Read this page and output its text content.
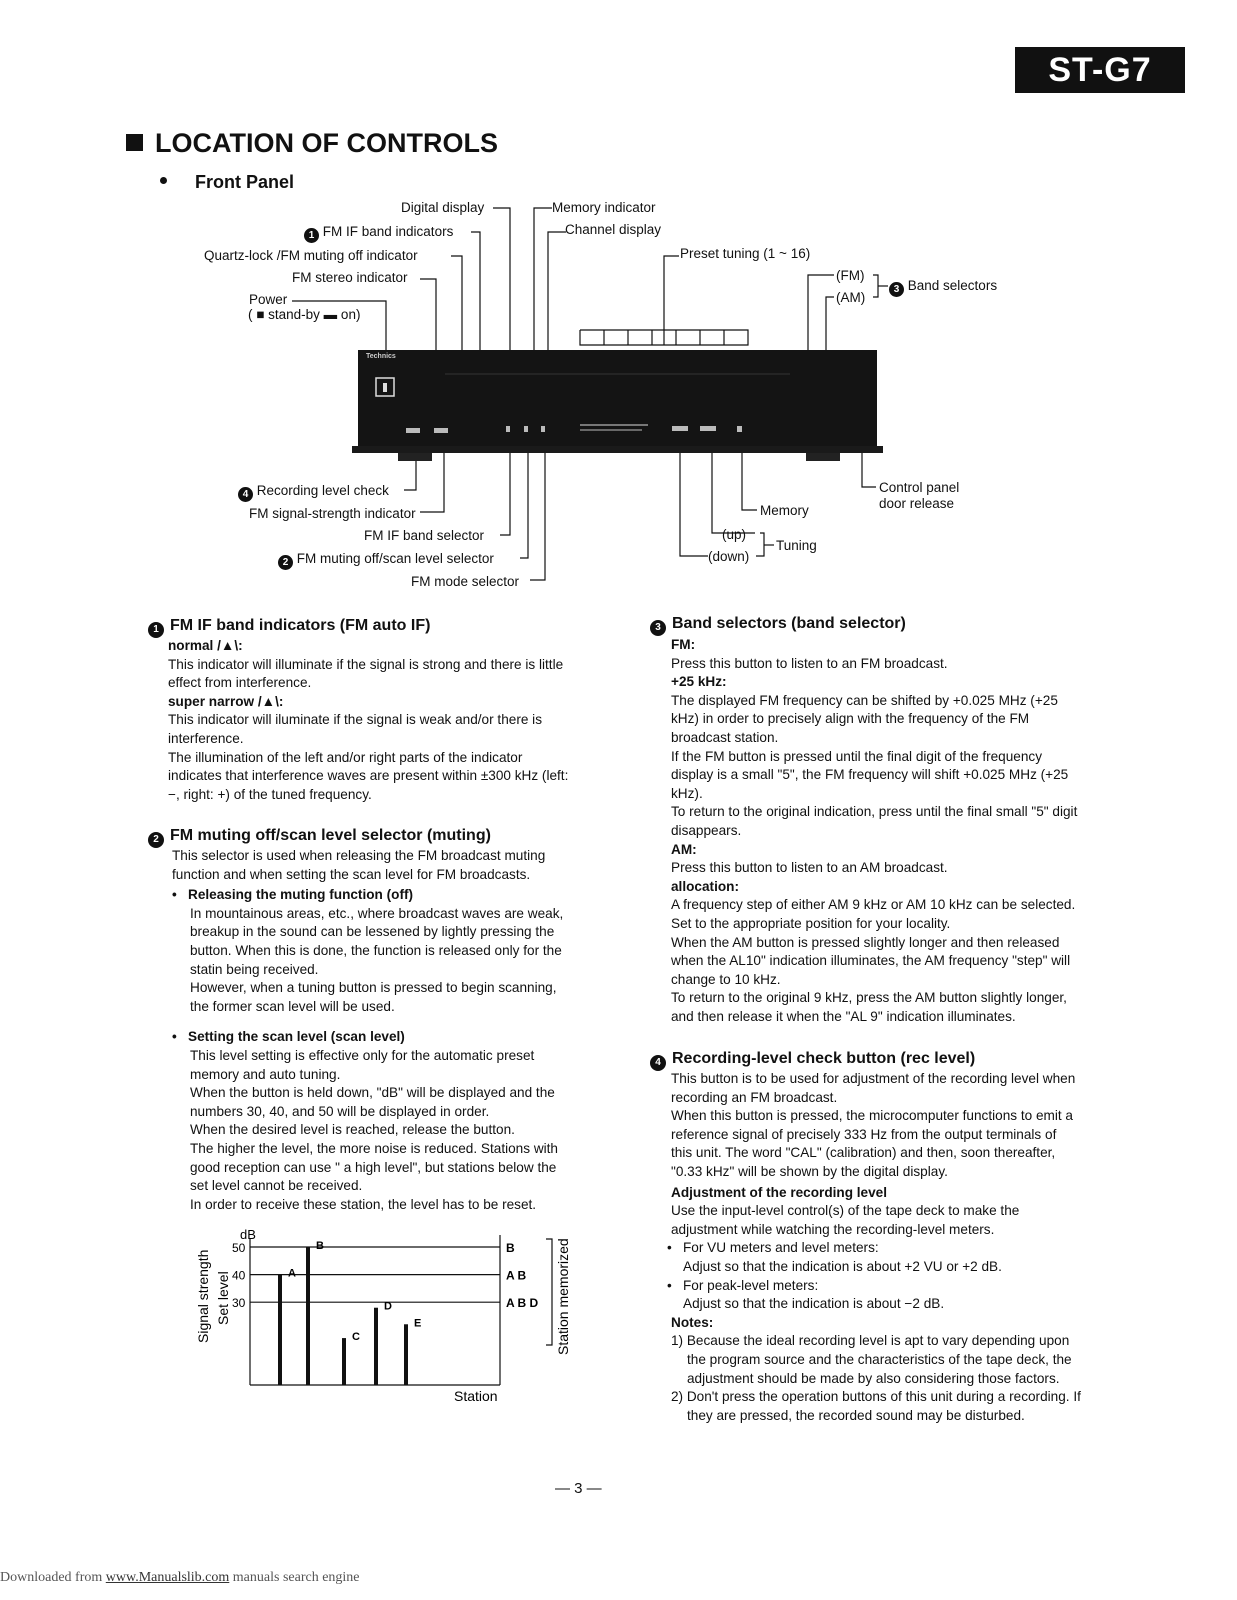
ST-G7
LOCATION OF CONTROLS
Front Panel
Technics
Digital display	Memory indicator
1 FM IF band indicators	Channel display
Quartz-lock /FM muting off indicator	Preset tuning (1 ~ 16)
FM stereo indicator	(FM)
(AM)
3 Band selectors
Power
( ■ stand-by ▬ on)
4 Recording level check
FM signal-strength indicator
FM IF band selector
2 FM muting off/scan level selector
FM mode selector
Memory
(up)
(down)
Tuning
Control panel
door release
1 FM IF band indicators (FM auto IF)

normal /▲\:

This indicator will illuminate if the signal is strong and there is little effect from interference.

super narrow /▲\:

This indicator will iluminate if the signal is weak and/or there is interference.

The illumination of the left and/or right parts of the indicator indicates that interference waves are present within ±300 kHz (left: −, right: +) of the tuned frequency.

2 FM muting off/scan level selector (muting)

This selector is used when releasing the FM broadcast muting function and when setting the scan level for FM broadcasts.

• Releasing the muting function (off)

In mountainous areas, etc., where broadcast waves are weak, breakup in the sound can be lessened by lightly pressing the button. When this is done, the function is released only for the statin being received.

However, when a tuning button is pressed to begin scanning, the former scan level will be used.

• Setting the scan level (scan level)

This level setting is effective only for the automatic preset memory and auto tuning.

When the button is held down, "dB" will be displayed and the numbers 30, 40, and 50 will be displayed in order.

When the desired level is reached, release the button.

The higher the level, the more noise is reduced. Stations with good reception can use " a high level", but stations below the set level cannot be received.

In order to receive these station, the level has to be reset.

Signal strength Set level	Station memorized
dB
Station
50	B
40	A B
30	A B D
A
B
C
D
E
3 Band selectors (band selector)

FM:

Press this button to listen to an FM broadcast.

+25 kHz:

The displayed FM frequency can be shifted by +0.025 MHz (+25 kHz) in order to precisely align with the frequency of the FM broadcast station.

If the FM button is pressed until the final digit of the frequency display is a small "5", the FM frequency will shift +0.025 MHz (+25 kHz).

To return to the original indication, press until the final small "5" digit disappears.

AM:

Press this button to listen to an AM broadcast.

allocation:

A frequency step of either AM 9 kHz or AM 10 kHz can be selected. Set to the appropriate position for your locality.

When the AM button is pressed slightly longer and then released when the AL10" indication illuminates, the AM frequency "step" will change to 10 kHz.

To return to the original 9 kHz, press the AM button slightly longer, and then release it when the "AL 9" indication illuminates.

4 Recording-level check button (rec level)

This button is to be used for adjustment of the recording level when recording an FM broadcast.

When this button is pressed, the microcomputer functions to emit a reference signal of precisely 333 Hz from the output terminals of this unit. The word "CAL" (calibration) and then, soon thereafter, "0.33 kHz" will be shown by the digital display.

Adjustment of the recording level

Use the input-level control(s) of the tape deck to make the adjustment while watching the recording-level meters.

• For VU meters and level meters:

Adjust so that the indication is about +2 VU or +2 dB.

• For peak-level meters:

Adjust so that the indication is about −2 dB.

Notes:

1) Because the ideal recording level is apt to vary depending upon the program source and the characteristics of the tape deck, the adjustment should be made by also considering those factors.

2) Don't press the operation buttons of this unit during a recording. If they are pressed, the recorded sound may be disturbed.

— 3 —
Downloaded from www.Manualslib.com manuals search engine
